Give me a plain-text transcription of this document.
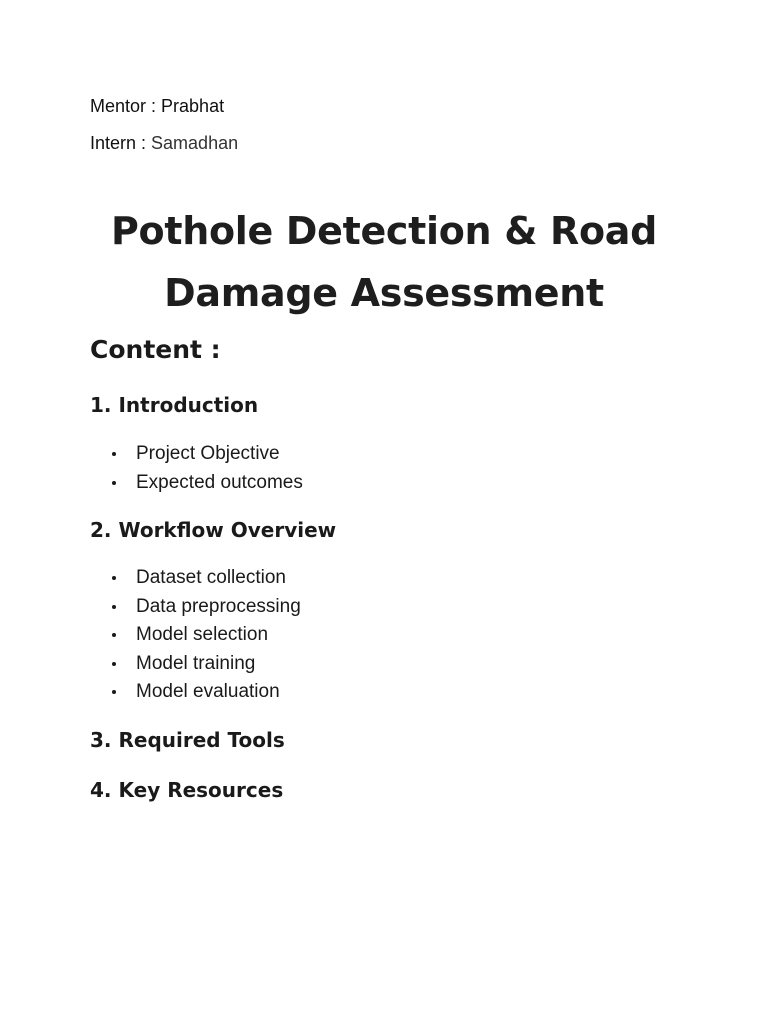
Mentor : Prabhat
Intern : Samadhan
Pothole Detection & Road
Damage Assessment
Content :
1. Introduction
Project Objective
Expected outcomes
2. Workflow Overview
Dataset collection
Data preprocessing
Model selection
Model training
Model evaluation
3. Required Tools
4. Key Resources
